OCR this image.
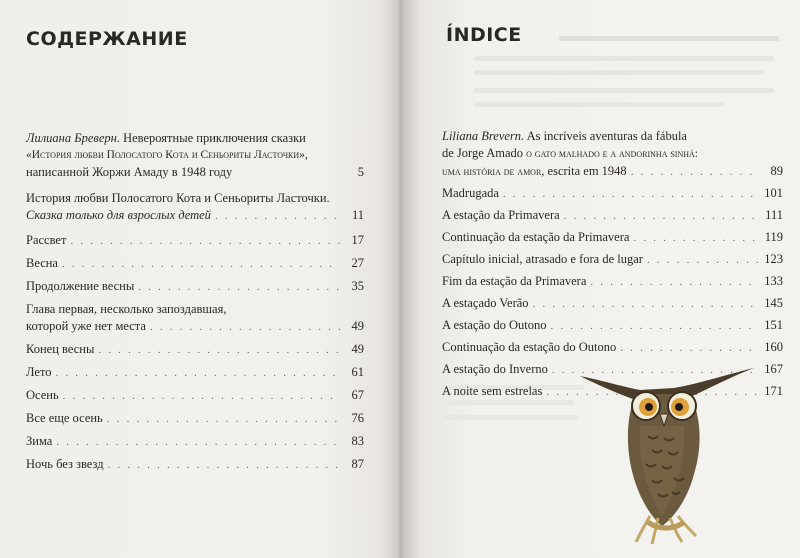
СОДЕРЖАНИЕ
Лилиана Бреверн. Невероятные приключения сказки
«История любви Полосатого Кота и Сеньориты Ласточки»,
написанной Жоржи Амаду в 1948 году	5
История любви Полосатого Кота и Сеньориты Ласточки.
Сказка только для взрослых детей . . .	11
Рассвет . . .	17
Весна . . .	27
Продолжение весны . . .	35
Глава первая, несколько запоздавшая,
которой уже нет места . . .	49
Конец весны . . .	49
Лето . . .	61
Осень . . .	67
Все еще осень . . .	76
Зима . . .	83
Ночь без звезд . . .	87
ÍNDICE
Liliana Brevern. As incríveis aventuras da fábula
de Jorge Amado o gato malhado e a andorinha sinhá:
uma história de amor, escrita em 1948 . . .	89
Madrugada . . .	101
A estação da Primavera . . .	111
Continuação da estação da Primavera . . .	119
Capítulo inicial, atrasado e fora de lugar . . .	123
Fim da estação da Primavera . . .	133
A estaçado Verão . . .	145
A estação do Outono . . .	151
Continuação da estação do Outono . . .	160
A estação do Inverno . . .	167
A noite sem estrelas . . .	171
